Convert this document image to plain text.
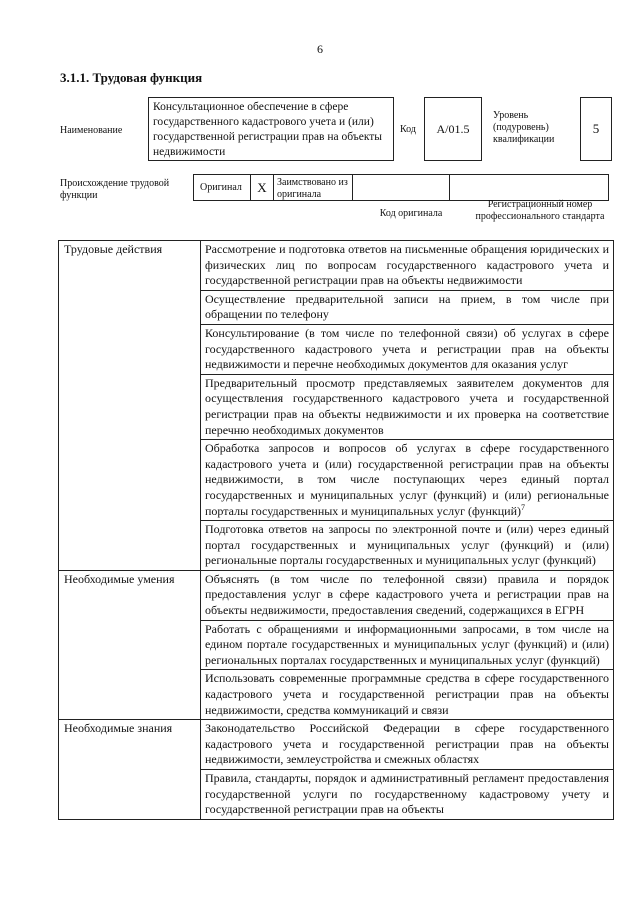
6
3.1.1. Трудовая функция
Наименование
Консультационное обеспечение в сфере государственного кадастрового учета и (или) государственной регистрации прав на объекты недвижимости
Код	А/01.5
Уровень (подуровень) квалификации
5
Происхождение трудовой функции
Оригинал	X	Заимствовано из оригинала
Код оригинала
Регистрационный номер профессионального стандарта
Трудовые действия	Рассмотрение и подготовка ответов на письменные обращения юридических и физических лиц по вопросам государственного кадастрового учета и государственной регистрации прав на объекты недвижимости
	Осуществление предварительной записи на прием, в том числе при обращении по телефону
	Консультирование (в том числе по телефонной связи) об услугах в сфере государственного кадастрового учета и регистрации прав на объекты недвижимости и перечне необходимых документов для оказания услуг
	Предварительный просмотр представляемых заявителем документов для осуществления государственного кадастрового учета и государственной регистрации прав на объекты недвижимости и их проверка на соответствие перечню необходимых документов
	Обработка запросов и вопросов об услугах в сфере государственного кадастрового учета и (или) государственной регистрации прав на объекты недвижимости, в том числе поступающих через единый портал государственных и муниципальных услуг (функций) и (или) региональные порталы государственных и муниципальных услуг (функций)$^7$
	Подготовка ответов на запросы по электронной почте и (или) через единый портал государственных и муниципальных услуг (функций) и (или) региональные порталы государственных и муниципальных услуг (функций)
Необходимые умения	Объяснять (в том числе по телефонной связи) правила и порядок предоставления услуг в сфере кадастрового учета и регистрации прав на объекты недвижимости, предоставления сведений, содержащихся в ЕГРН
	Работать с обращениями и информационными запросами, в том числе на едином портале государственных и муниципальных услуг (функций) и (или) региональных порталах государственных и муниципальных услуг (функций)
	Использовать современные программные средства в сфере государственного кадастрового учета и государственной регистрации прав на объекты недвижимости, средства коммуникаций и связи
Необходимые знания	Законодательство Российской Федерации в сфере государственного кадастрового учета и государственной регистрации прав на объекты недвижимости, землеустройства и смежных областях
	Правила, стандарты, порядок и административный регламент предоставления государственной услуги по государственному кадастровому учету и государственной регистрации прав на объекты
